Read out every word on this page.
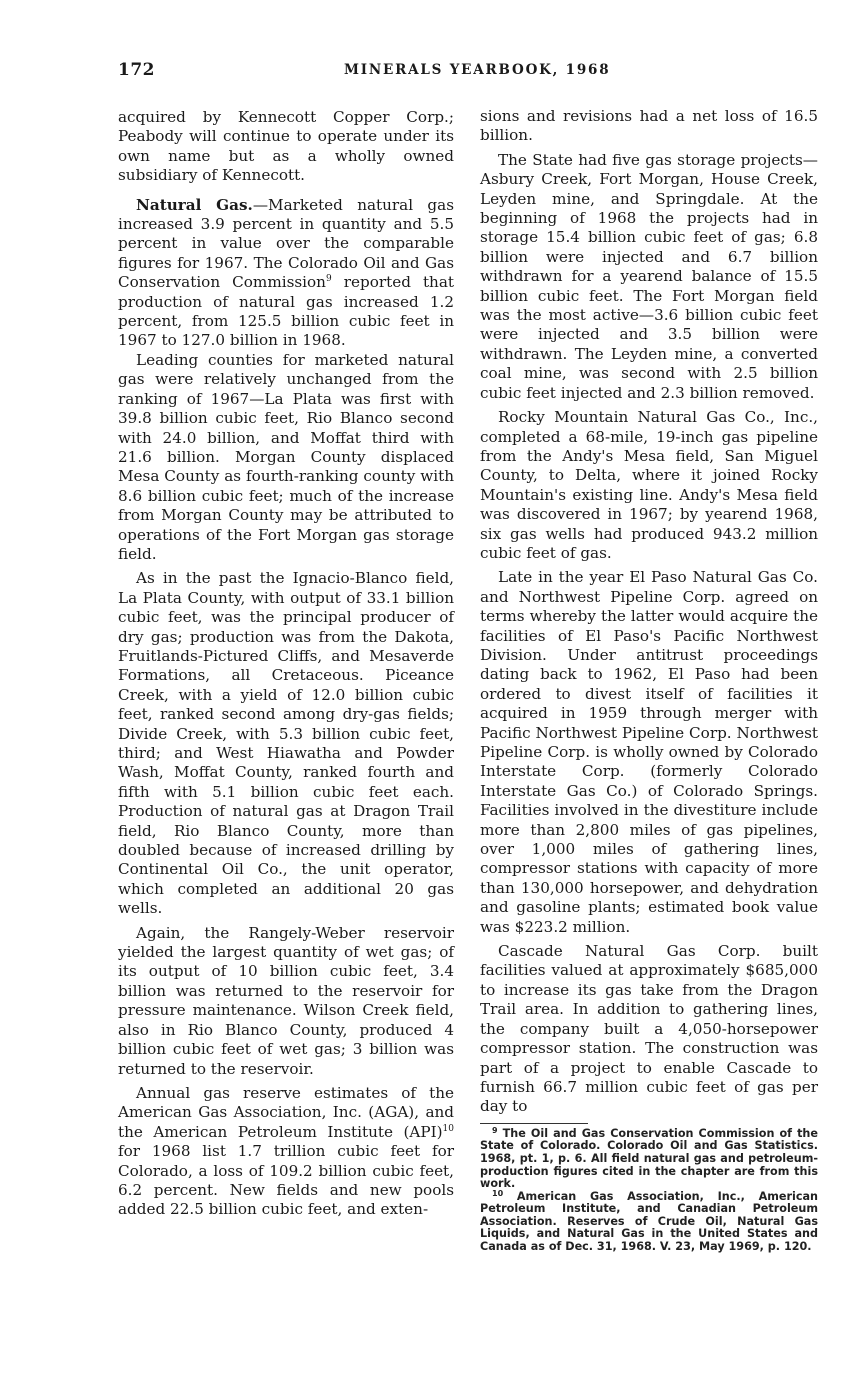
172	MINERALS YEARBOOK, 1968

acquired by Kennecott Copper Corp.; Peabody will continue to operate under its own name but as a wholly owned subsidiary of Kennecott.

Natural Gas.—Marketed natural gas increased 3.9 percent in quantity and 5.5 percent in value over the comparable figures for 1967. The Colorado Oil and Gas Conservation Commission$^9$ reported that production of natural gas increased 1.2 percent, from 125.5 billion cubic feet in 1967 to 127.0 billion in 1968.

Leading counties for marketed natural gas were relatively unchanged from the ranking of 1967—La Plata was first with 39.8 billion cubic feet, Rio Blanco second with 24.0 billion, and Moffat third with 21.6 billion. Morgan County displaced Mesa County as fourth-ranking county with 8.6 billion cubic feet; much of the increase from Morgan County may be attributed to operations of the Fort Morgan gas storage field.

As in the past the Ignacio-Blanco field, La Plata County, with output of 33.1 billion cubic feet, was the principal producer of dry gas; production was from the Dakota, Fruitlands-Pictured Cliffs, and Mesaverde Formations, all Cretaceous. Piceance Creek, with a yield of 12.0 billion cubic feet, ranked second among dry-gas fields; Divide Creek, with 5.3 billion cubic feet, third; and West Hiawatha and Powder Wash, Moffat County, ranked fourth and fifth with 5.1 billion cubic feet each. Production of natural gas at Dragon Trail field, Rio Blanco County, more than doubled because of increased drilling by Continental Oil Co., the unit operator, which completed an additional 20 gas wells.

Again, the Rangely-Weber reservoir yielded the largest quantity of wet gas; of its output of 10 billion cubic feet, 3.4 billion was returned to the reservoir for pressure maintenance. Wilson Creek field, also in Rio Blanco County, produced 4 billion cubic feet of wet gas; 3 billion was returned to the reservoir.

Annual gas reserve estimates of the American Gas Association, Inc. (AGA), and the American Petroleum Institute (API)$^{10}$ for 1968 list 1.7 trillion cubic feet for Colorado, a loss of 109.2 billion cubic feet, 6.2 percent. New fields and new pools added 22.5 billion cubic feet, and exten-

sions and revisions had a net loss of 16.5 billion.

The State had five gas storage projects—Asbury Creek, Fort Morgan, House Creek, Leyden mine, and Springdale. At the beginning of 1968 the projects had in storage 15.4 billion cubic feet of gas; 6.8 billion were injected and 6.7 billion withdrawn for a yearend balance of 15.5 billion cubic feet. The Fort Morgan field was the most active—3.6 billion cubic feet were injected and 3.5 billion were withdrawn. The Leyden mine, a converted coal mine, was second with 2.5 billion cubic feet injected and 2.3 billion removed.

Rocky Mountain Natural Gas Co., Inc., completed a 68-mile, 19-inch gas pipeline from the Andy's Mesa field, San Miguel County, to Delta, where it joined Rocky Mountain's existing line. Andy's Mesa field was discovered in 1967; by yearend 1968, six gas wells had produced 943.2 million cubic feet of gas.

Late in the year El Paso Natural Gas Co. and Northwest Pipeline Corp. agreed on terms whereby the latter would acquire the facilities of El Paso's Pacific Northwest Division. Under antitrust proceedings dating back to 1962, El Paso had been ordered to divest itself of facilities it acquired in 1959 through merger with Pacific Northwest Pipeline Corp. Northwest Pipeline Corp. is wholly owned by Colorado Interstate Corp. (formerly Colorado Interstate Gas Co.) of Colorado Springs. Facilities involved in the divestiture include more than 2,800 miles of gas pipelines, over 1,000 miles of gathering lines, compressor stations with capacity of more than 130,000 horsepower, and dehydration and gasoline plants; estimated book value was $223.2 million.

Cascade Natural Gas Corp. built facilities valued at approximately $685,000 to increase its gas take from the Dragon Trail area. In addition to gathering lines, the company built a 4,050-horsepower compressor station. The construction was part of a project to enable Cascade to furnish 66.7 million cubic feet of gas per day to

$^9$ The Oil and Gas Conservation Commission of the State of Colorado. Colorado Oil and Gas Statistics. 1968, pt. 1, p. 6. All field natural gas and petroleum-production figures cited in the chapter are from this work.

$^{10}$ American Gas Association, Inc., American Petroleum Institute, and Canadian Petroleum Association. Reserves of Crude Oil, Natural Gas Liquids, and Natural Gas in the United States and Canada as of Dec. 31, 1968. V. 23, May 1969, p. 120.
